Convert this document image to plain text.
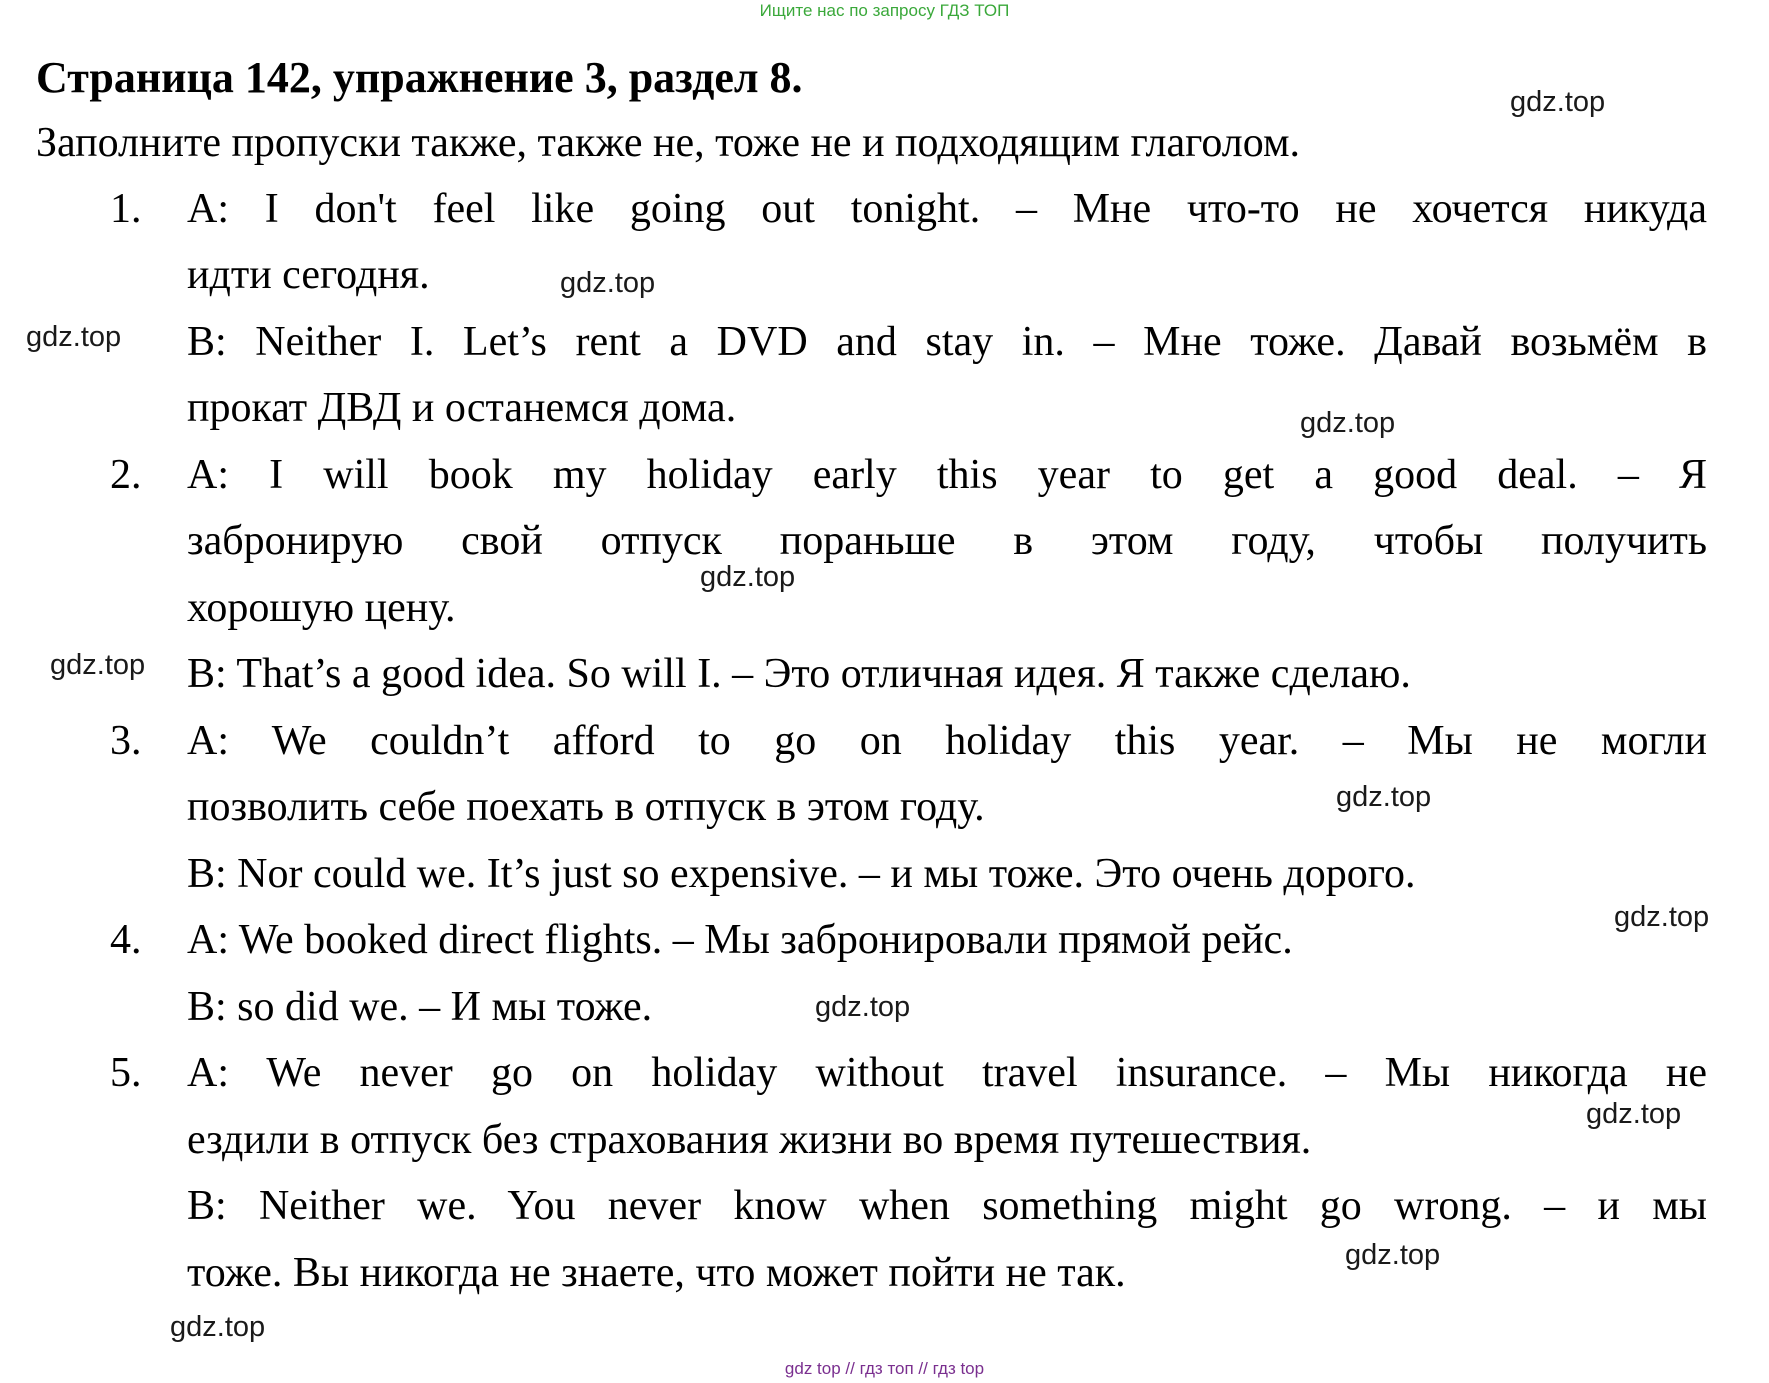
Ищите нас по запросу ГДЗ ТОП
Страница 142, упражнение 3, раздел 8.
Заполните пропуски также, также не, тоже не и подходящим глаголом.
1. A: I don't feel like going out tonight. – Мне что-то не хочется никуда
идти сегодня.
B: Neither I. Let’s rent a DVD and stay in. – Мне тоже. Давай возьмём в
прокат ДВД и останемся дома.
2. A: I will book my holiday early this year to get a good deal. – Я
забронирую свой отпуск пораньше в этом году, чтобы получить
хорошую цену.
B: That’s a good idea. So will I. – Это отличная идея. Я также сделаю.
3. A: We couldn’t afford to go on holiday this year. – Мы не могли
позволить себе поехать в отпуск в этом году.
B: Nor could we. It’s just so expensive. – и мы тоже. Это очень дорого.
4. A: We booked direct flights. – Мы забронировали прямой рейс.
B: so did we. – И мы тоже.
5. A: We never go on holiday without travel insurance. – Мы никогда не
ездили в отпуск без страхования жизни во время путешествия.
B: Neither we. You never know when something might go wrong. – и мы
тоже. Вы никогда не знаете, что может пойти не так.
gdz.top
gdz.top
gdz.top
gdz.top
gdz.top
gdz.top
gdz.top
gdz.top
gdz.top
gdz.top
gdz.top
gdz.top
gdz top // гдз топ // гдз top
